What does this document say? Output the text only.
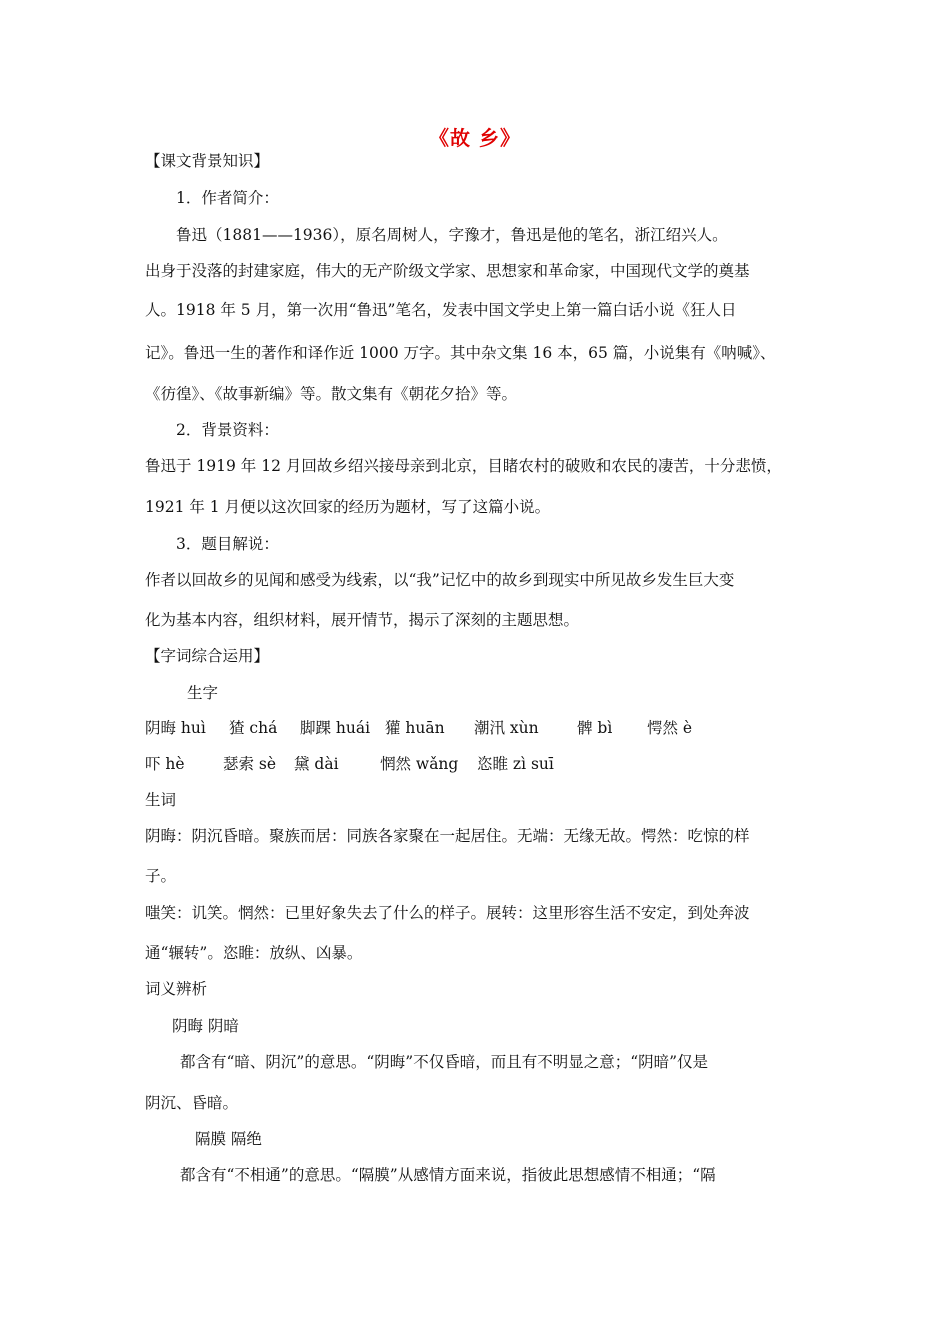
《故 乡》
【课文背景知识】
1．作者简介：
鲁迅（1881——1936），原名周树人，字豫才，鲁迅是他的笔名，浙江绍兴人。
出身于没落的封建家庭，伟大的无产阶级文学家、思想家和革命家，中国现代文学的奠基
人。1918 年 5 月，第一次用“鲁迅”笔名，发表中国文学史上第一篇白话小说《狂人日
记》。鲁迅一生的著作和译作近 1000 万字。其中杂文集 16 本，65 篇，小说集有《呐喊》、
《彷徨》、《故事新编》等。散文集有《朝花夕拾》等。
2．背景资料：
鲁迅于 1919 年 12 月回故乡绍兴接母亲到北京，目睹农村的破败和农民的凄苦，十分悲愤，
1921 年 1 月便以这次回家的经历为题材，写了这篇小说。
3．题目解说：
作者以回故乡的见闻和感受为线索，以“我”记忆中的故乡到现实中所见故乡发生巨大变
化为基本内容，组织材料，展开情节，揭示了深刻的主题思想。
【字词综合运用】
生字
阴晦 huì 猹 chá 脚踝 huái 獾 huān 潮汛 xùn 髀 bì 愕然 è
吓 hè 瑟索 sè 黛 dài	惘然 wǎng 恣睢 zì suī
生词
阴晦：阴沉昏暗。聚族而居：同族各家聚在一起居住。无端：无缘无故。愕然：吃惊的样
子。
嗤笑：讥笑。惘然：已里好象失去了什么的样子。展转：这里形容生活不安定，到处奔波
通“辗转”。恣睢：放纵、凶暴。
词义辨析
阴晦 阴暗
都含有“暗、阴沉”的意思。“阴晦”不仅昏暗，而且有不明显之意；“阴暗”仅是
阴沉、昏暗。
隔膜 隔绝
都含有“不相通”的意思。“隔膜”从感情方面来说，指彼此思想感情不相通；“隔
